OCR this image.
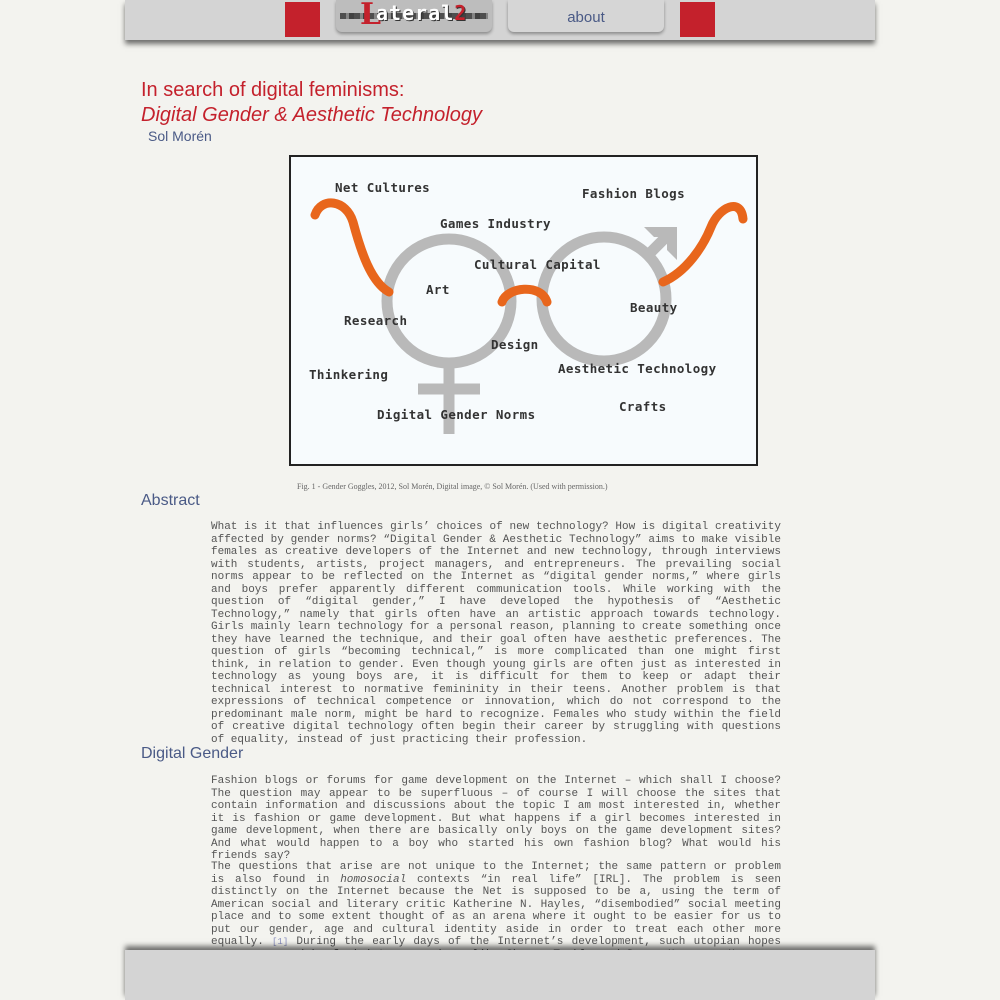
L
ateral2	about
In search of digital feminisms:
Digital Gender & Aesthetic Technology
Sol Morén
Net Cultures	Fashion Blogs
Games Industry
Cultural Capital
Art
Beauty
Research
Design
Thinkering	Aesthetic Technology
Crafts
Digital Gender Norms
Fig. 1 - Gender Goggles, 2012, Sol Morén, Digital image, © Sol Morén. (Used with permission.)
Abstract

What is it that influences girls’ choices of new technology? How is digital creativity affected by gender norms? “Digital Gender & Aesthetic Technology” aims to make visible females as creative developers of the Internet and new technology, through interviews with students, artists, project managers, and entrepreneurs. The prevailing social norms appear to be reflected on the Internet as “digital gender norms,” where girls and boys prefer apparently different communication tools. While working with the question of “digital gender,” I have developed the hypothesis of “Aesthetic Technology,” namely that girls often have an artistic approach towards technology. Girls mainly learn technology for a personal reason, planning to create something once they have learned the technique, and their goal often have aesthetic preferences. The question of girls “becoming technical,” is more complicated than one might first think, in relation to gender. Even though young girls are often just as interested in technology as young boys are, it is difficult for them to keep or adapt their technical interest to normative femininity in their teens. Another problem is that expressions of technical competence or innovation, which do not correspond to the predominant male norm, might be hard to recognize. Females who study within the field of creative digital technology often begin their career by struggling with questions of equality, instead of just practicing their profession.

Digital Gender

Fashion blogs or forums for game development on the Internet – which shall I choose? The question may appear to be superfluous – of course I will choose the sites that contain information and discussions about the topic I am most interested in, whether it is fashion or game development. But what happens if a girl becomes interested in game development, when there are basically only boys on the game development sites? And what would happen to a boy who started his own fashion blog? What would his friends say?

The questions that arise are not unique to the Internet; the same pattern or problem is also found in homosocial contexts “in real life” [IRL]. The problem is seen distinctly on the Internet because the Net is supposed to be a, using the term of American social and literary critic Katherine N. Hayles, “disembodied” social meeting place and to some extent thought of as an arena where it ought to be easier for us to put our gender, age and cultural identity aside in order to treat each other more equally. [1] During the early days of the Internet’s development, such utopian hopes
